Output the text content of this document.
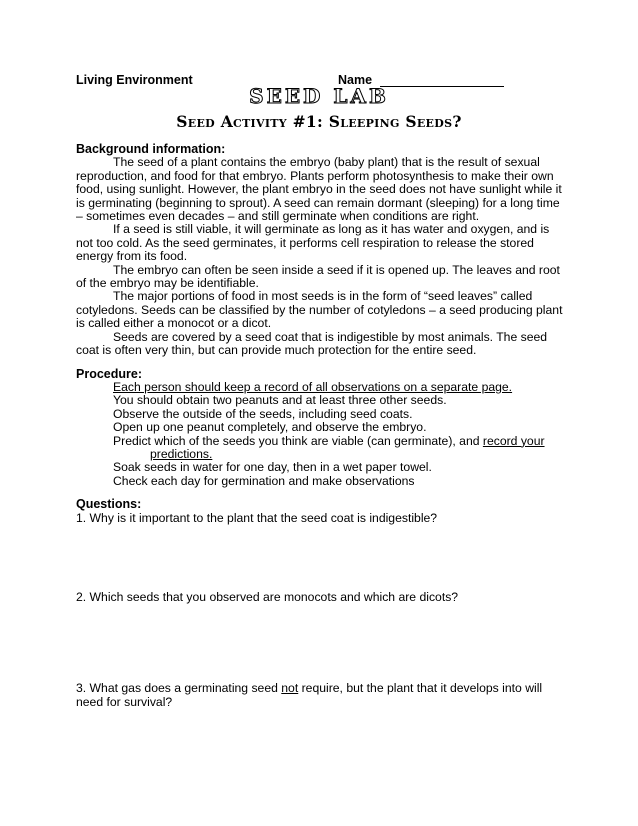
Living Environment	Name
SEED LAB
Seed Activity #1: Sleeping Seeds?

Background information:

The seed of a plant contains the embryo (baby plant) that is the result of sexual reproduction, and food for that embryo. Plants perform photosynthesis to make their own food, using sunlight. However, the plant embryo in the seed does not have sunlight while it is germinating (beginning to sprout). A seed can remain dormant (sleeping) for a long time – sometimes even decades – and still germinate when conditions are right.

If a seed is still viable, it will germinate as long as it has water and oxygen, and is not too cold. As the seed germinates, it performs cell respiration to release the stored energy from its food.

The embryo can often be seen inside a seed if it is opened up. The leaves and root of the embryo may be identifiable.

The major portions of food in most seeds is in the form of “seed leaves” called cotyledons. Seeds can be classified by the number of cotyledons – a seed producing plant is called either a monocot or a dicot.

Seeds are covered by a seed coat that is indigestible by most animals. The seed coat is often very thin, but can provide much protection for the entire seed.

Procedure:

Each person should keep a record of all observations on a separate page.

You should obtain two peanuts and at least three other seeds.

Observe the outside of the seeds, including seed coats.

Open up one peanut completely, and observe the embryo.

Predict which of the seeds you think are viable (can germinate), and record your

predictions.

Soak seeds in water for one day, then in a wet paper towel.

Check each day for germination and make observations

Questions:

1. Why is it important to the plant that the seed coat is indigestible?

2. Which seeds that you observed are monocots and which are dicots?

3. What gas does a germinating seed not require, but the plant that it develops into will need for survival?
